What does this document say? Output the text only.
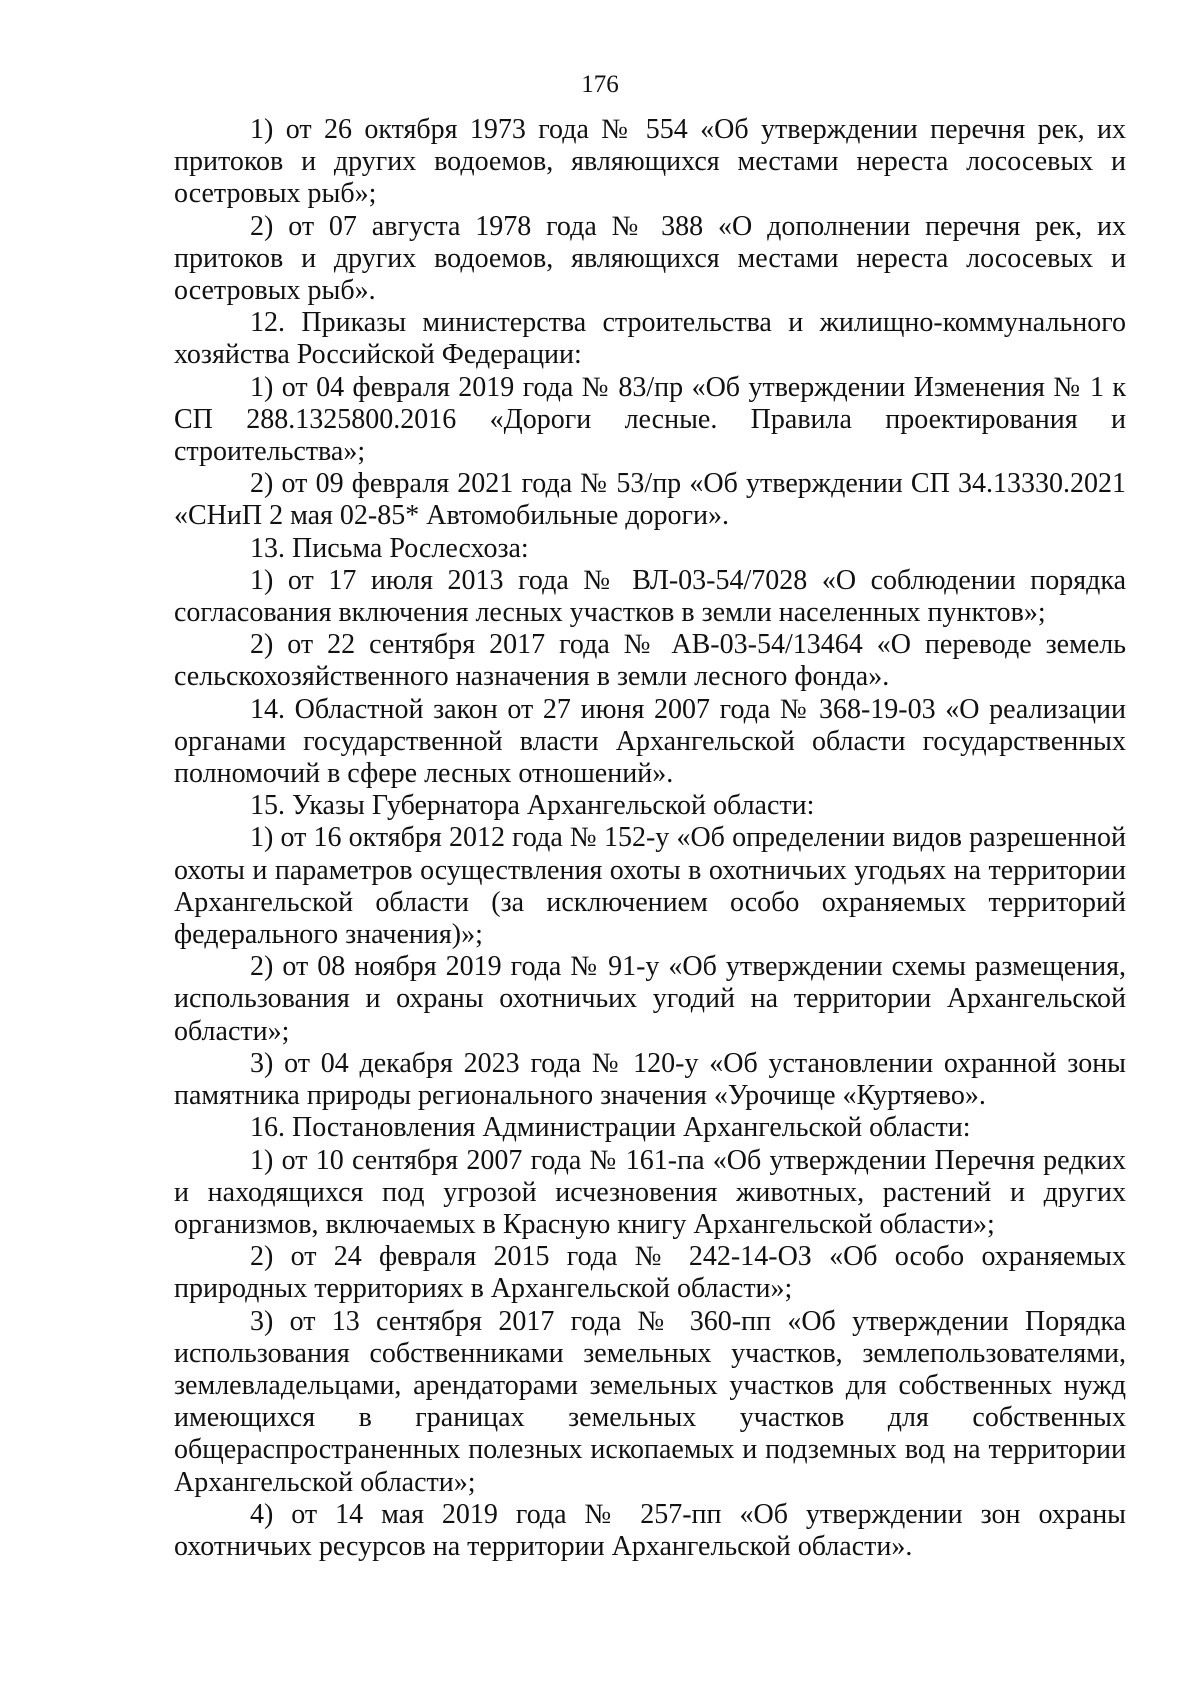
176

1) от 26 октября 1973 года № 554 «Об утверждении перечня рек, их притоков и других водоемов, являющихся местами нереста лососевых и осетровых рыб»;

2) от 07 августа 1978 года № 388 «О дополнении перечня рек, их притоков и других водоемов, являющихся местами нереста лососевых и осетровых рыб».

12. Приказы министерства строительства и жилищно-коммунального хозяйства Российской Федерации:

1) от 04 февраля 2019 года № 83/пр «Об утверждении Изменения № 1 к СП 288.1325800.2016 «Дороги лесные. Правила проектирования и строительства»;

2) от 09 февраля 2021 года № 53/пр «Об утверждении СП 34.13330.2021 «СНиП 2 мая 02-85* Автомобильные дороги».

13. Письма Рослесхоза:

1) от 17 июля 2013 года № ВЛ-03-54/7028 «О соблюдении порядка согласования включения лесных участков в земли населенных пунктов»;

2) от 22 сентября 2017 года № АВ-03-54/13464 «О переводе земель сельскохозяйственного назначения в земли лесного фонда».

14. Областной закон от 27 июня 2007 года № 368-19-03 «О реализации органами государственной власти Архангельской области государственных полномочий в сфере лесных отношений».

15. Указы Губернатора Архангельской области:

1) от 16 октября 2012 года № 152-у «Об определении видов разрешенной охоты и параметров осуществления охоты в охотничьих угодьях на территории Архангельской области (за исключением особо охраняемых территорий федерального значения)»;

2) от 08 ноября 2019 года № 91-у «Об утверждении схемы размещения, использования и охраны охотничьих угодий на территории Архангельской области»;

3) от 04 декабря 2023 года № 120-у «Об установлении охранной зоны памятника природы регионального значения «Урочище «Куртяево».

16. Постановления Администрации Архангельской области:

1) от 10 сентября 2007 года № 161-па «Об утверждении Перечня редких и находящихся под угрозой исчезновения животных, растений и других организмов, включаемых в Красную книгу Архангельской области»;

2) от 24 февраля 2015 года № 242-14-ОЗ «Об особо охраняемых природных территориях в Архангельской области»;

3) от 13 сентября 2017 года № 360-пп «Об утверждении Порядка использования собственниками земельных участков, землепользователями, землевладельцами, арендаторами земельных участков для собственных нужд имеющихся в границах земельных участков для собственных общераспространенных полезных ископаемых и подземных вод на территории Архангельской области»;

4) от 14 мая 2019 года № 257-пп «Об утверждении зон охраны охотничьих ресурсов на территории Архангельской области».
